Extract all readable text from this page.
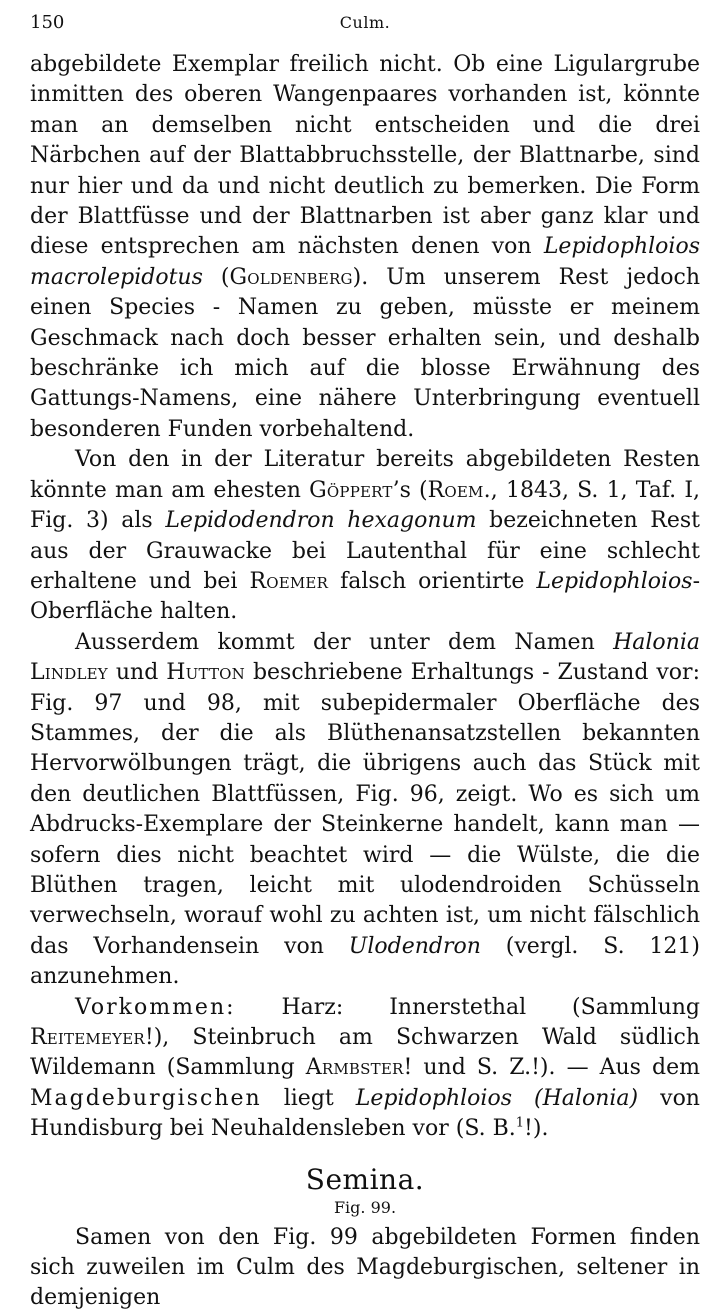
150	Culm.

abgebildete Exemplar freilich nicht. Ob eine Ligulargrube inmitten des oberen Wangenpaares vorhanden ist, könnte man an demselben nicht entscheiden und die drei Närbchen auf der Blattabbruchsstelle, der Blattnarbe, sind nur hier und da und nicht deutlich zu bemerken. Die Form der Blattfüsse und der Blattnarben ist aber ganz klar und diese entsprechen am nächsten denen von Lepidophloios macrolepidotus (Goldenberg). Um unserem Rest jedoch einen Species - Namen zu geben, müsste er meinem Geschmack nach doch besser erhalten sein, und deshalb beschränke ich mich auf die blosse Erwähnung des Gattungs-Namens, eine nähere Unterbringung eventuell besonderen Funden vorbehaltend.

Von den in der Literatur bereits abgebildeten Resten könnte man am ehesten Göppert’s (Roem., 1843, S. 1, Taf. I, Fig. 3) als Lepidodendron hexagonum bezeichneten Rest aus der Grauwacke bei Lautenthal für eine schlecht erhaltene und bei Roemer falsch orientirte Lepidophloios-Oberfläche halten.

Ausserdem kommt der unter dem Namen Halonia Lindley und Hutton beschriebene Erhaltungs - Zustand vor: Fig. 97 und 98, mit subepidermaler Oberfläche des Stammes, der die als Blüthenansatzstellen bekannten Hervorwölbungen trägt, die übrigens auch das Stück mit den deutlichen Blattfüssen, Fig. 96, zeigt. Wo es sich um Abdrucks-Exemplare der Steinkerne handelt, kann man — sofern dies nicht beachtet wird — die Wülste, die die Blüthen tragen, leicht mit ulodendroiden Schüsseln verwechseln, worauf wohl zu achten ist, um nicht fälschlich das Vorhandensein von Ulodendron (vergl. S. 121) anzunehmen.

Vorkommen: Harz: Innerstethal (Sammlung Reitemeyer!), Steinbruch am Schwarzen Wald südlich Wildemann (Sammlung Armbster! und S. Z.!). — Aus dem Magdeburgischen liegt Lepidophloios (Halonia) von Hundisburg bei Neuhaldensleben vor (S. B.$^1$!).

Semina.
Fig. 99.

Samen von den Fig. 99 abgebildeten Formen finden sich zuweilen im Culm des Magdeburgischen, seltener in demjenigen
